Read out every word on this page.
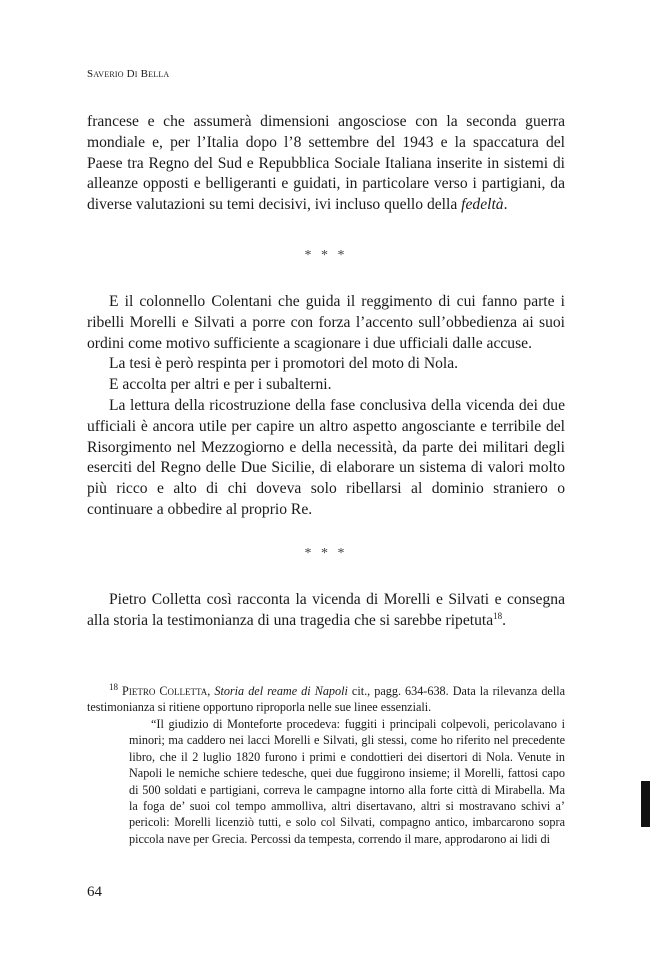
Saverio Di Bella

francese e che assumerà dimensioni angosciose con la seconda guerra mondiale e, per l’Italia dopo l’8 settembre del 1943 e la spaccatura del Paese tra Regno del Sud e Repubblica Sociale Italiana inserite in sistemi di alleanze opposti e belligeranti e guidati, in particolare verso i partigiani, da diverse valutazioni su temi decisivi, ivi incluso quello della fedeltà.

* * *

E il colonnello Colentani che guida il reggimento di cui fanno parte i ribelli Morelli e Silvati a porre con forza l’accento sull’obbedienza ai suoi ordini come motivo sufficiente a scagionare i due ufficiali dalle accuse.

La tesi è però respinta per i promotori del moto di Nola.

E accolta per altri e per i subalterni.

La lettura della ricostruzione della fase conclusiva della vicenda dei due ufficiali è ancora utile per capire un altro aspetto angosciante e terribile del Risorgimento nel Mezzogiorno e della necessità, da parte dei militari degli eserciti del Regno delle Due Sicilie, di elaborare un sistema di valori molto più ricco e alto di chi doveva solo ribellarsi al dominio straniero o continuare a obbedire al proprio Re.

* * *

Pietro Colletta così racconta la vicenda di Morelli e Silvati e consegna alla storia la testimonianza di una tragedia che si sarebbe ripetuta$^{18}$.

$^{18}$ Pietro Colletta, Storia del reame di Napoli cit., pagg. 634-638. Data la rilevanza della testimonianza si ritiene opportuno riproporla nelle sue linee essenziali.

“Il giudizio di Monteforte procedeva: fuggiti i principali colpevoli, pericolavano i minori; ma caddero nei lacci Morelli e Silvati, gli stessi, come ho riferito nel precedente libro, che il 2 luglio 1820 furono i primi e condottieri dei disertori di Nola. Venute in Napoli le nemiche schiere tedesche, quei due fuggirono insieme; il Morelli, fattosi capo di 500 soldati e partigiani, correva le campagne intorno alla forte città di Mirabella. Ma la foga de’ suoi col tempo ammolliva, altri disertavano, altri si mostravano schivi a’ pericoli: Morelli licenziò tutti, e solo col Silvati, compagno antico, imbarcarono sopra piccola nave per Grecia. Percossi da tempesta, correndo il mare, approdarono ai lidi di

64
